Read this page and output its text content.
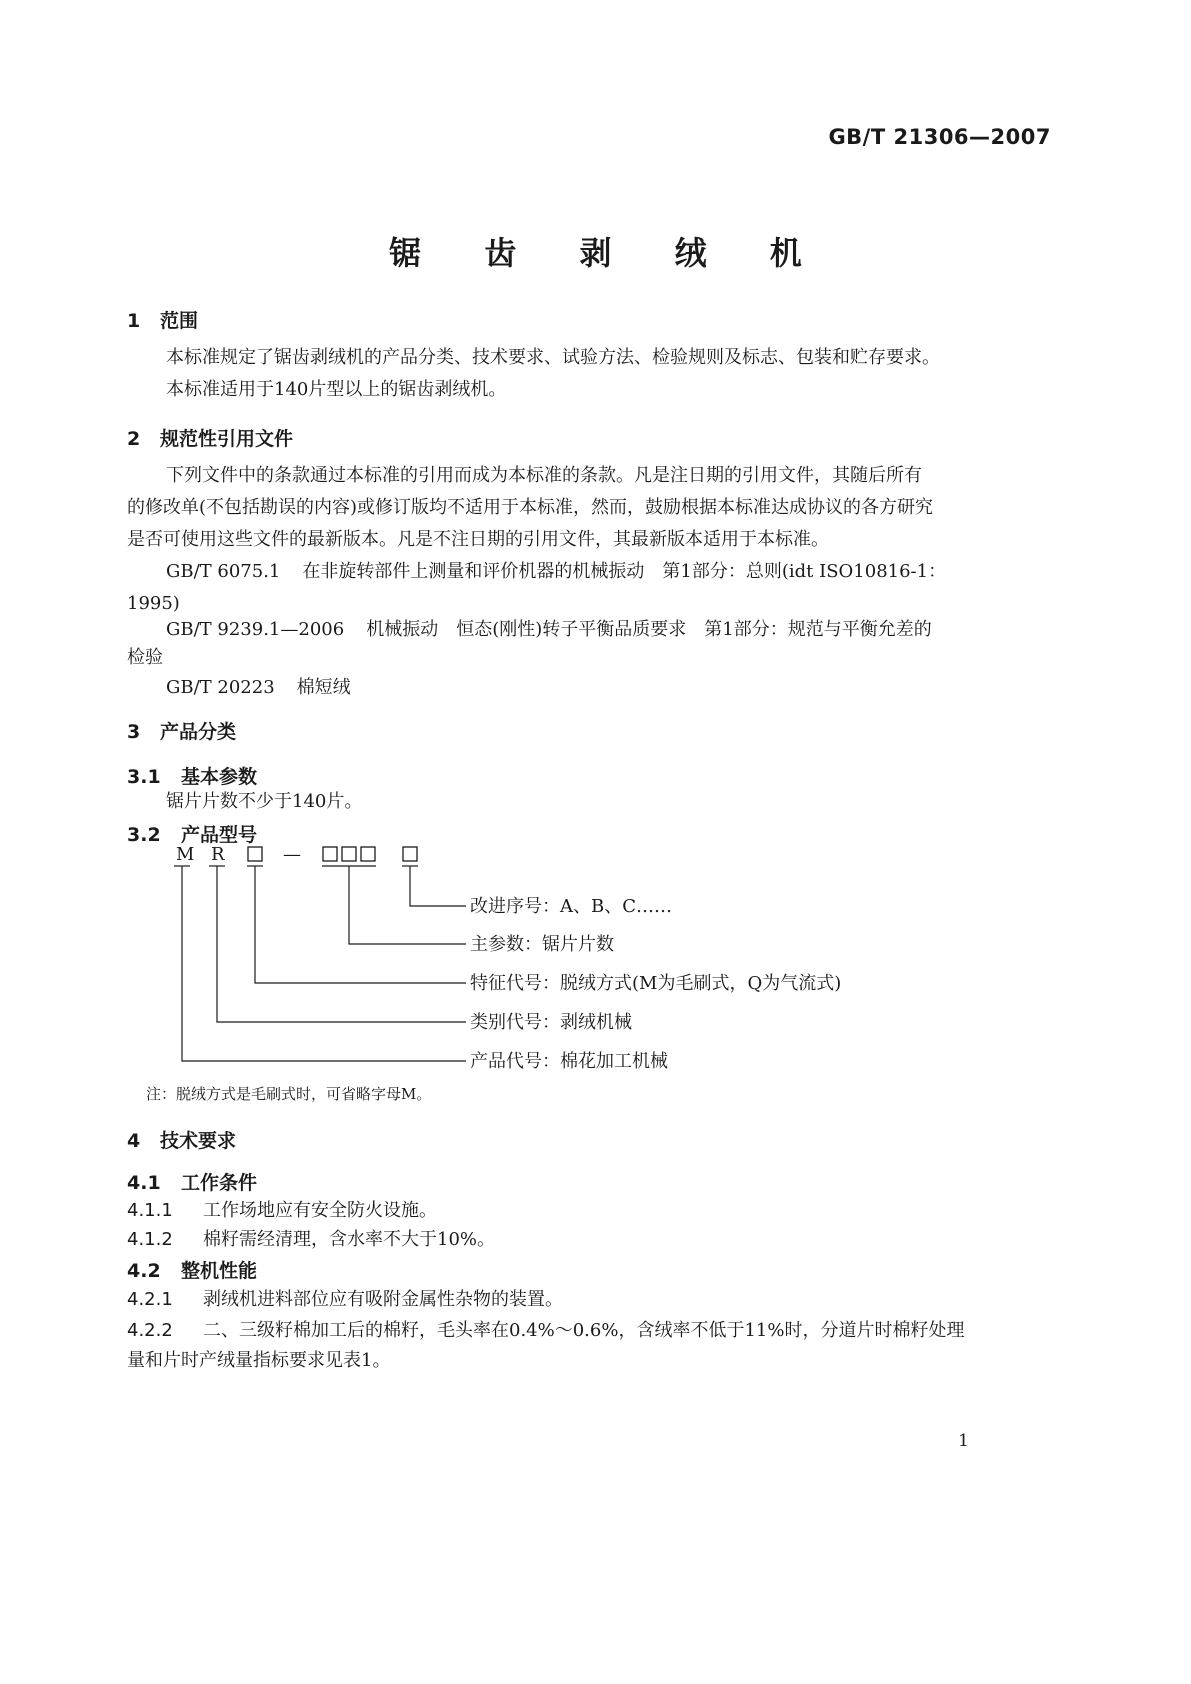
GB/T 21306—2007
锯 齿 剥 绒 机
1 范围
本标准规定了锯齿剥绒机的产品分类、技术要求、试验方法、检验规则及标志、包装和贮存要求。
本标准适用于140片型以上的锯齿剥绒机。
2 规范性引用文件
下列文件中的条款通过本标准的引用而成为本标准的条款。凡是注日期的引用文件，其随后所有
的修改单(不包括勘误的内容)或修订版均不适用于本标准，然而，鼓励根据本标准达成协议的各方研究
是否可使用这些文件的最新版本。凡是不注日期的引用文件，其最新版本适用于本标准。
GB/T 6075.1 在非旋转部件上测量和评价机器的机械振动　第1部分：总则(idt ISO10816-1：
1995)
GB/T 9239.1—2006 机械振动　恒态(刚性)转子平衡品质要求　第1部分：规范与平衡允差的
检验
GB/T 20223 棉短绒
3 产品分类
3.1 基本参数
锯片片数不少于140片。
3.2 产品型号
M R	—
改进序号：A、B、C……
主参数：锯片片数
特征代号：脱绒方式(M为毛刷式，Q为气流式)
类别代号：剥绒机械
产品代号：棉花加工机械
注：脱绒方式是毛刷式时，可省略字母M。
4 技术要求
4.1 工作条件
4.1.1 工作场地应有安全防火设施。
4.1.2 棉籽需经清理，含水率不大于10%。
4.2 整机性能
4.2.1 剥绒机进料部位应有吸附金属性杂物的装置。
4.2.2 二、三级籽棉加工后的棉籽，毛头率在0.4%～0.6%，含绒率不低于11%时，分道片时棉籽处理
量和片时产绒量指标要求见表1。
1
